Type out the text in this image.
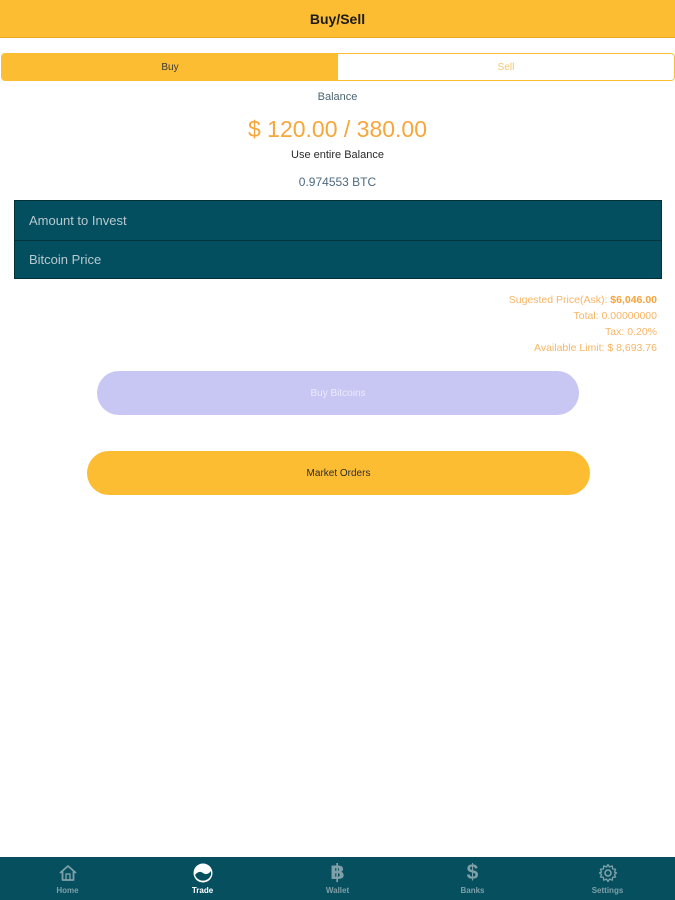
Buy/Sell
Buy	Sell
Balance
$ 120.00 / 380.00
Use entire Balance
0.974553 BTC
Amount to Invest
Bitcoin Price
Sugested Price(Ask): $6,046.00
Total: 0.00000000
Tax: 0.20%
Available Limit: $ 8,693.76
Buy Bitcoins
Market Orders
Home	Trade
฿
Wallet
$
Banks	Settings
